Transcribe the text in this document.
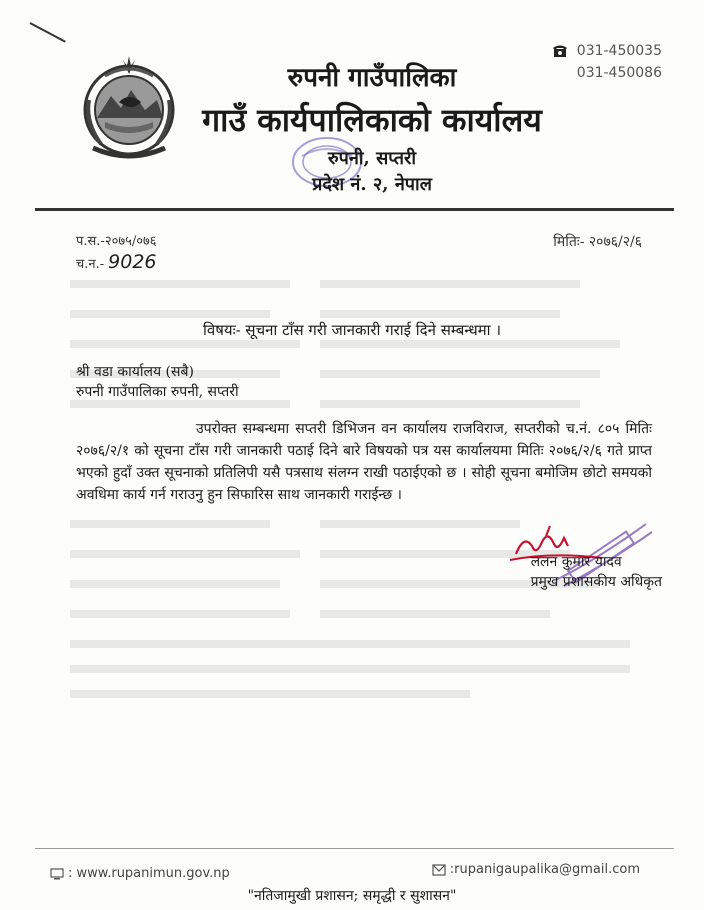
031-450035
031-450086
रुपनी गाउँपालिका
गाउँ कार्यपालिकाको कार्यालय
रुपनी, सप्तरी
प्रदेश नं. २, नेपाल
प.स.-२०७५/०७६
च.न.- 9026
मितिः- २०७६/२/६
विषयः- सूचना टाँस गरी जानकारी गराई दिने सम्बन्धमा ।
श्री वडा कार्यालय (सबै)
रुपनी गाउँपालिका रुपनी, सप्तरी
उपरोक्त सम्बन्धमा सप्तरी डिभिजन वन कार्यालय राजविराज, सप्तरीको च.नं. ८०५ मितिः २०७६/२/१ को सूचना टाँस गरी जानकारी पठाई दिने बारे विषयको पत्र यस कार्यालयमा मितिः २०७६/२/६ गते प्राप्त भएको हुदाँ उक्त सूचनाको प्रतिलिपी यसै पत्रसाथ संलग्न राखी पठाईएको छ । सोही सूचना बमोजिम छोटो समयको अवधिमा कार्य गर्न गराउनु हुन सिफारिस साथ जानकारी गराईन्छ ।
ललन कुमार यादव
प्रमुख प्रशासकीय अधिकृत
: www.rupanimun.gov.np	:rupanigaupalika@gmail.com
"नतिजामुखी प्रशासन; समृद्धी र सुशासन"
